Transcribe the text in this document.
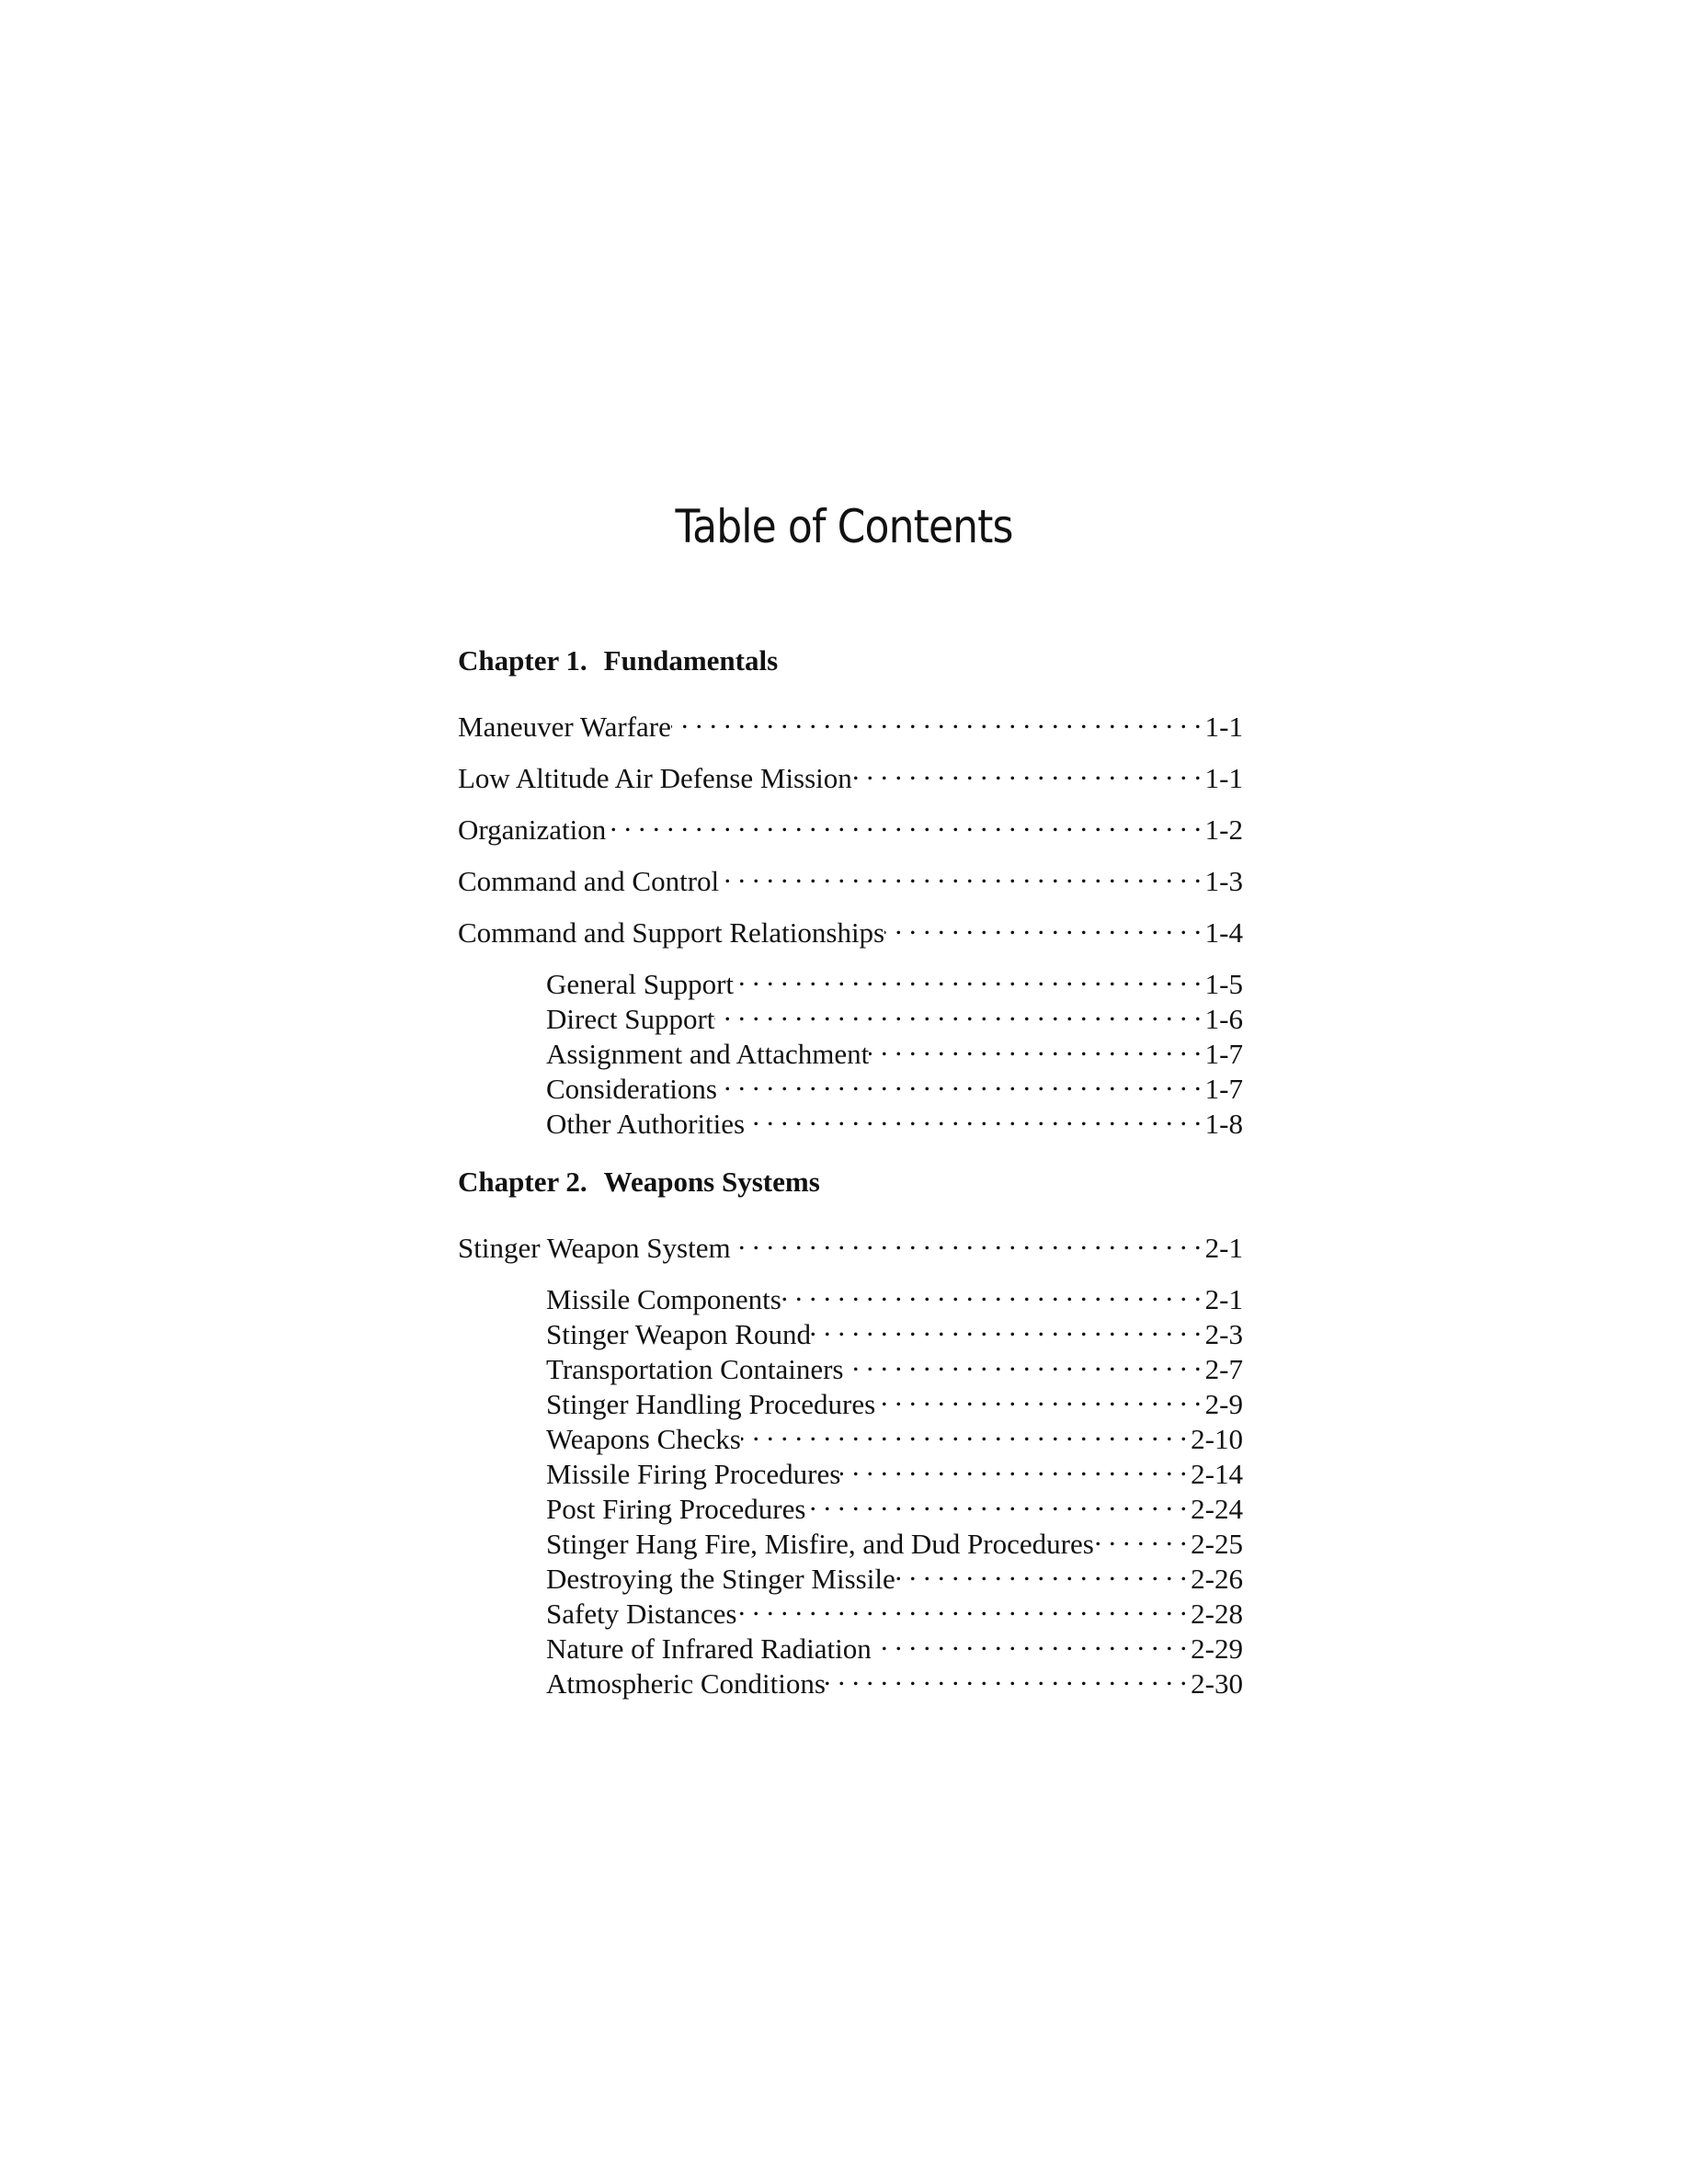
Table of Contents
Chapter 1. Fundamentals
Maneuver Warfare . . .	1-1
Low Altitude Air Defense Mission . . .	1-1
Organization . . .	1-2
Command and Control . . .	1-3
Command and Support Relationships . . .	1-4
General Support . . .	1-5
Direct Support . . .	1-6
Assignment and Attachment . . .	1-7
Considerations . . .	1-7
Other Authorities . . .	1-8
Chapter 2. Weapons Systems
Stinger Weapon System . . .	2-1
Missile Components . . .	2-1
Stinger Weapon Round . . .	2-3
Transportation Containers . . .	2-7
Stinger Handling Procedures . . .	2-9
Weapons Checks . . .	2-10
Missile Firing Procedures . . .	2-14
Post Firing Procedures . . .	2-24
Stinger Hang Fire, Misfire, and Dud Procedures . . .	2-25
Destroying the Stinger Missile . . .	2-26
Safety Distances . . .	2-28
Nature of Infrared Radiation . . .	2-29
Atmospheric Conditions . . .	2-30
